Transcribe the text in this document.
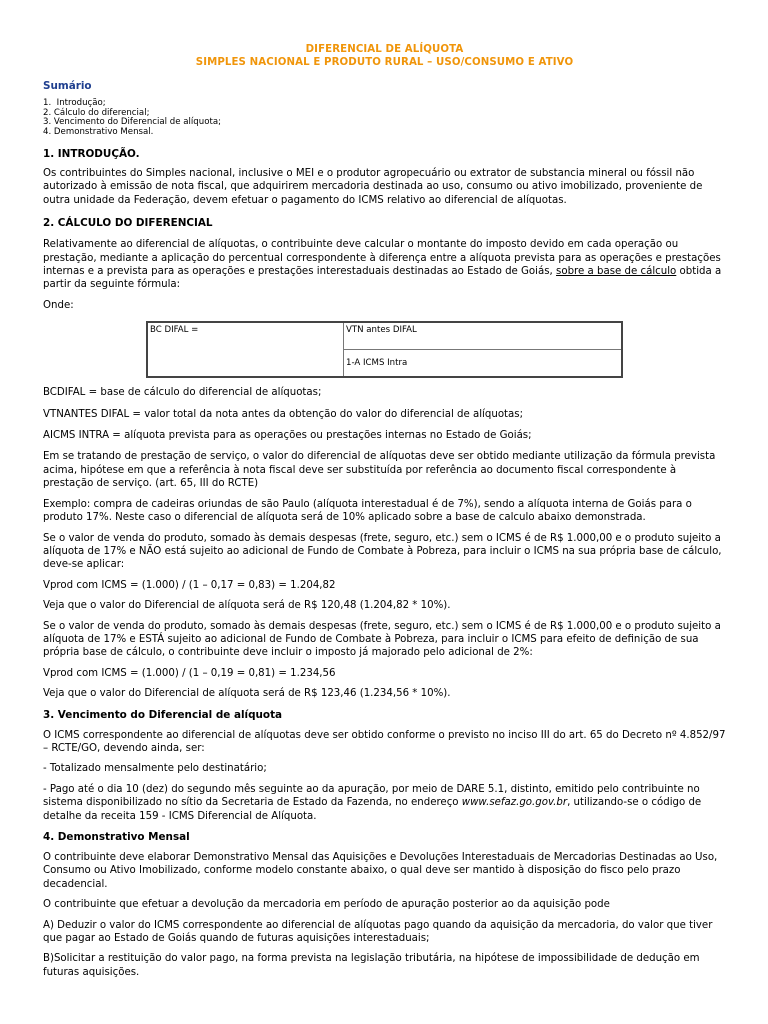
DIFERENCIAL DE ALÍQUOTA
SIMPLES NACIONAL E PRODUTO RURAL – USO/CONSUMO E ATIVO
Sumário
1.  Introdução;
2. Cálculo do diferencial;
3. Vencimento do Diferencial de alíquota;
4. Demonstrativo Mensal.
1. INTRODUÇÃO.

Os contribuintes do Simples nacional, inclusive o MEI e o produtor agropecuário ou extrator de substancia mineral ou fóssil não autorizado à emissão de nota fiscal, que adquirirem mercadoria destinada ao uso, consumo ou ativo imobilizado, proveniente de outra unidade da Federação, devem efetuar o pagamento do ICMS relativo ao diferencial de alíquotas.

2. CÁLCULO DO DIFERENCIAL

Relativamente ao diferencial de alíquotas, o contribuinte deve calcular o montante do imposto devido em cada operação ou prestação, mediante a aplicação do percentual correspondente à diferença entre a alíquota prevista para as operações e prestações internas e a prevista para as operações e prestações interestaduais destinadas ao Estado de Goiás, sobre a base de cálculo obtida a partir da seguinte fórmula:

Onde:

BC DIFAL =	VTN antes DIFAL
1-A ICMS Intra

BCDIFAL = base de cálculo do diferencial de alíquotas;

VTNANTES DIFAL = valor total da nota antes da obtenção do valor do diferencial de alíquotas;

AICMS INTRA = alíquota prevista para as operações ou prestações internas no Estado de Goiás;

Em se tratando de prestação de serviço, o valor do diferencial de alíquotas deve ser obtido mediante utilização da fórmula prevista acima, hipótese em que a referência à nota fiscal deve ser substituída por referência ao documento fiscal correspondente à prestação de serviço. (art. 65, III do RCTE)

Exemplo: compra de cadeiras oriundas de são Paulo (alíquota interestadual é de 7%), sendo a alíquota interna de Goiás para o produto 17%. Neste caso o diferencial de alíquota será de 10% aplicado sobre a base de calculo abaixo demonstrada.

Se o valor de venda do produto, somado às demais despesas (frete, seguro, etc.) sem o ICMS é de R$ 1.000,00 e o produto sujeito a alíquota de 17% e NÃO está sujeito ao adicional de Fundo de Combate à Pobreza, para incluir o ICMS na sua própria base de cálculo, deve-se aplicar:

Vprod com ICMS = (1.000) / (1 – 0,17 = 0,83) = 1.204,82

Veja que o valor do Diferencial de alíquota será de R$ 120,48 (1.204,82 * 10%).

Se o valor de venda do produto, somado às demais despesas (frete, seguro, etc.) sem o ICMS é de R$ 1.000,00 e o produto sujeito a alíquota de 17% e ESTÁ sujeito ao adicional de Fundo de Combate à Pobreza, para incluir o ICMS para efeito de definição de sua própria base de cálculo, o contribuinte deve incluir o imposto já majorado pelo adicional de 2%:

Vprod com ICMS = (1.000) / (1 – 0,19 = 0,81) = 1.234,56

Veja que o valor do Diferencial de alíquota será de R$ 123,46 (1.234,56 * 10%).

3. Vencimento do Diferencial de alíquota

O ICMS correspondente ao diferencial de alíquotas deve ser obtido conforme o previsto no inciso III do art. 65 do Decreto nº 4.852/97 – RCTE/GO, devendo ainda, ser:

- Totalizado mensalmente pelo destinatário;

- Pago até o dia 10 (dez) do segundo mês seguinte ao da apuração, por meio de DARE 5.1, distinto, emitido pelo contribuinte no sistema disponibilizado no sítio da Secretaria de Estado da Fazenda, no endereço www.sefaz.go.gov.br, utilizando-se o código de detalhe da receita 159 - ICMS Diferencial de Alíquota.

4. Demonstrativo Mensal

O contribuinte deve elaborar Demonstrativo Mensal das Aquisições e Devoluções Interestaduais de Mercadorias Destinadas ao Uso, Consumo ou Ativo Imobilizado, conforme modelo constante abaixo, o qual deve ser mantido à disposição do fisco pelo prazo decadencial.

O contribuinte que efetuar a devolução da mercadoria em período de apuração posterior ao da aquisição pode

A) Deduzir o valor do ICMS correspondente ao diferencial de alíquotas pago quando da aquisição da mercadoria, do valor que tiver que pagar ao Estado de Goiás quando de futuras aquisições interestaduais;

B)Solicitar a restituição do valor pago, na forma prevista na legislação tributária, na hipótese de impossibilidade de dedução em futuras aquisições.
